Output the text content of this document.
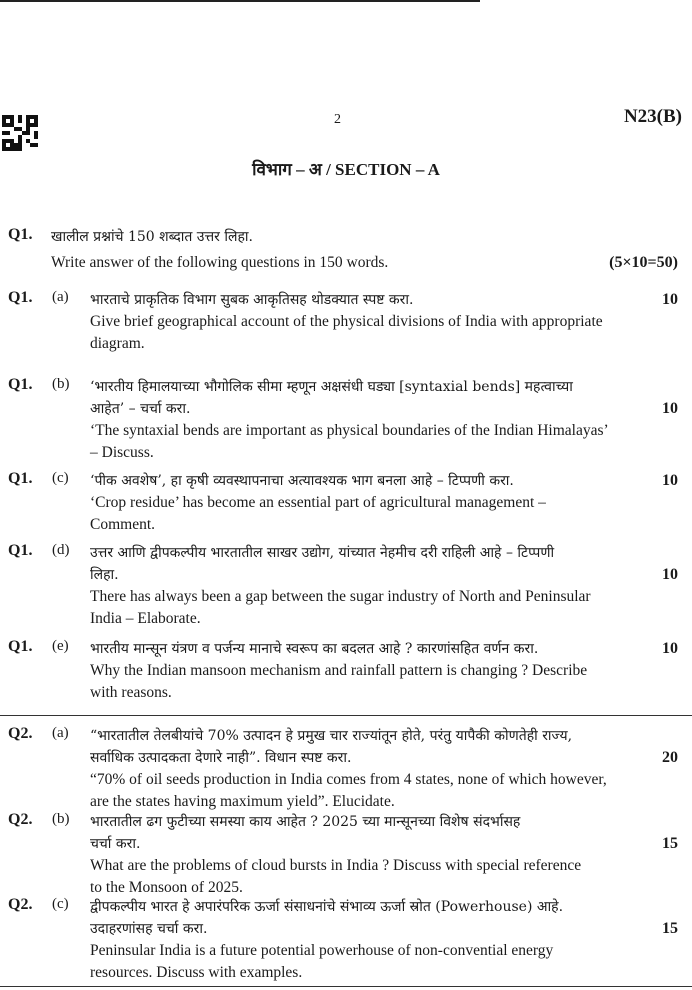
2	N23(B)
विभाग – अ / SECTION – A
Q1. खालील प्रश्नांचे 150 शब्दात उत्तर लिहा.
Write answer of the following questions in 150 words.	(5×10=50)
Q1. (a) भारताचे प्राकृतिक विभाग सुबक आकृतिसह थोडक्यात स्पष्ट करा.	10
Give brief geographical account of the physical divisions of India with appropriate
diagram.
Q1. (b) ‘भारतीय हिमालयाच्या भौगोलिक सीमा म्हणून अक्षसंधी घड्या [syntaxial bends] महत्वाच्या
आहेत’ – चर्चा करा.	10
‘The syntaxial bends are important as physical boundaries of the Indian Himalayas’
– Discuss.
Q1. (c) ‘पीक अवशेष’, हा कृषी व्यवस्थापनाचा अत्यावश्यक भाग बनला आहे – टिप्पणी करा.	10
‘Crop residue’ has become an essential part of agricultural management –
Comment.
Q1. (d) उत्तर आणि द्वीपकल्पीय भारतातील साखर उद्योग, यांच्यात नेहमीच दरी राहिली आहे – टिप्पणी
लिहा.	10
There has always been a gap between the sugar industry of North and Peninsular
India – Elaborate.
Q1. (e) भारतीय मान्सून यंत्रण व पर्जन्य मानाचे स्वरूप का बदलत आहे ? कारणांसहित वर्णन करा.	10
Why the Indian mansoon mechanism and rainfall pattern is changing ? Describe
with reasons.
Q2. (a) “भारतातील तेलबीयांचे 70% उत्पादन हे प्रमुख चार राज्यांतून होते, परंतु यापैकी कोणतेही राज्य,
सर्वाधिक उत्पादकता देणारे नाही”. विधान स्पष्ट करा.	20
“70% of oil seeds production in India comes from 4 states, none of which however,
are the states having maximum yield”. Elucidate.
Q2. (b) भारतातील ढग फुटीच्या समस्या काय आहेत ? 2025 च्या मान्सूनच्या विशेष संदर्भासह
चर्चा करा.	15
What are the problems of cloud bursts in India ? Discuss with special reference
to the Monsoon of 2025.
Q2. (c) द्वीपकल्पीय भारत हे अपारंपरिक ऊर्जा संसाधनांचे संभाव्य ऊर्जा स्रोत (Powerhouse) आहे.
उदाहरणांसह चर्चा करा.	15
Peninsular India is a future potential powerhouse of non-convential energy
resources. Discuss with examples.
